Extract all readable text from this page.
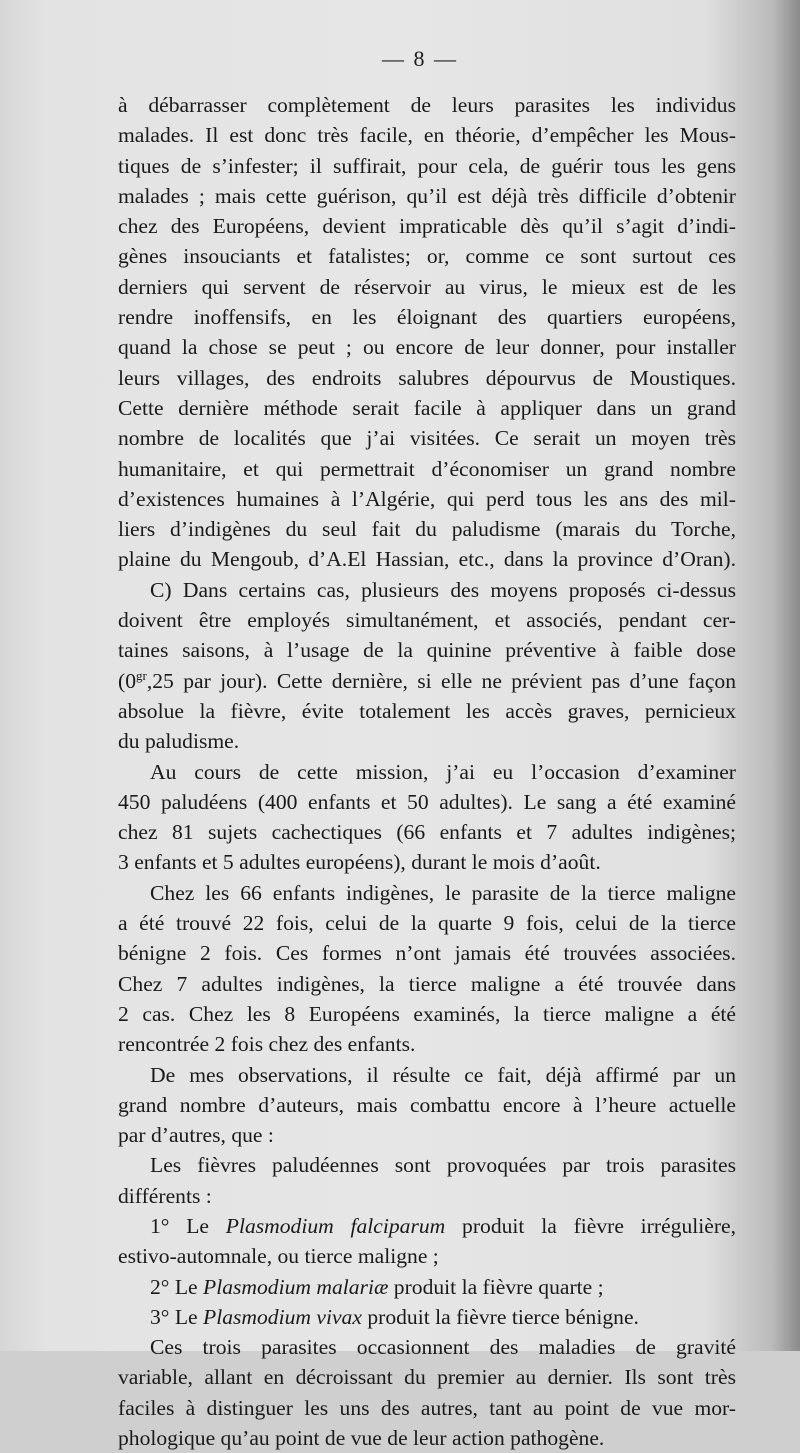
— 8 —
à débarrasser complètement de leurs parasites les individus
malades. Il est donc très facile, en théorie, d’empêcher les Mous-
tiques de s’infester; il suffirait, pour cela, de guérir tous les gens
malades ; mais cette guérison, qu’il est déjà très difficile d’obtenir
chez des Européens, devient impraticable dès qu’il s’agit d’indi-
gènes insouciants et fatalistes; or, comme ce sont surtout ces
derniers qui servent de réservoir au virus, le mieux est de les
rendre inoffensifs, en les éloignant des quartiers européens,
quand la chose se peut ; ou encore de leur donner, pour installer
leurs villages, des endroits salubres dépourvus de Moustiques.
Cette dernière méthode serait facile à appliquer dans un grand
nombre de localités que j’ai visitées. Ce serait un moyen très
humanitaire, et qui permettrait d’économiser un grand nombre
d’existences humaines à l’Algérie, qui perd tous les ans des mil-
liers d’indigènes du seul fait du paludisme (marais du Torche,
plaine du Mengoub, d’A.El Hassian, etc., dans la province d’Oran).
C) Dans certains cas, plusieurs des moyens proposés ci-dessus
doivent être employés simultanément, et associés, pendant cer-
taines saisons, à l’usage de la quinine préventive à faible dose
($0^{gr},25$ par jour). Cette dernière, si elle ne prévient pas d’une façon
absolue la fièvre, évite totalement les accès graves, pernicieux
du paludisme.
Au cours de cette mission, j’ai eu l’occasion d’examiner
450 paludéens (400 enfants et 50 adultes). Le sang a été examiné
chez 81 sujets cachectiques (66 enfants et 7 adultes indigènes;
3 enfants et 5 adultes européens), durant le mois d’août.
Chez les 66 enfants indigènes, le parasite de la tierce maligne
a été trouvé 22 fois, celui de la quarte 9 fois, celui de la tierce
bénigne 2 fois. Ces formes n’ont jamais été trouvées associées.
Chez 7 adultes indigènes, la tierce maligne a été trouvée dans
2 cas. Chez les 8 Européens examinés, la tierce maligne a été
rencontrée 2 fois chez des enfants.
De mes observations, il résulte ce fait, déjà affirmé par un
grand nombre d’auteurs, mais combattu encore à l’heure actuelle
par d’autres, que :
Les fièvres paludéennes sont provoquées par trois parasites
différents :
1° Le Plasmodium falciparum produit la fièvre irrégulière,
estivo-automnale, ou tierce maligne ;
2° Le Plasmodium malariæ produit la fièvre quarte ;
3° Le Plasmodium vivax produit la fièvre tierce bénigne.
Ces trois parasites occasionnent des maladies de gravité
variable, allant en décroissant du premier au dernier. Ils sont très
faciles à distinguer les uns des autres, tant au point de vue mor-
phologique qu’au point de vue de leur action pathogène.
